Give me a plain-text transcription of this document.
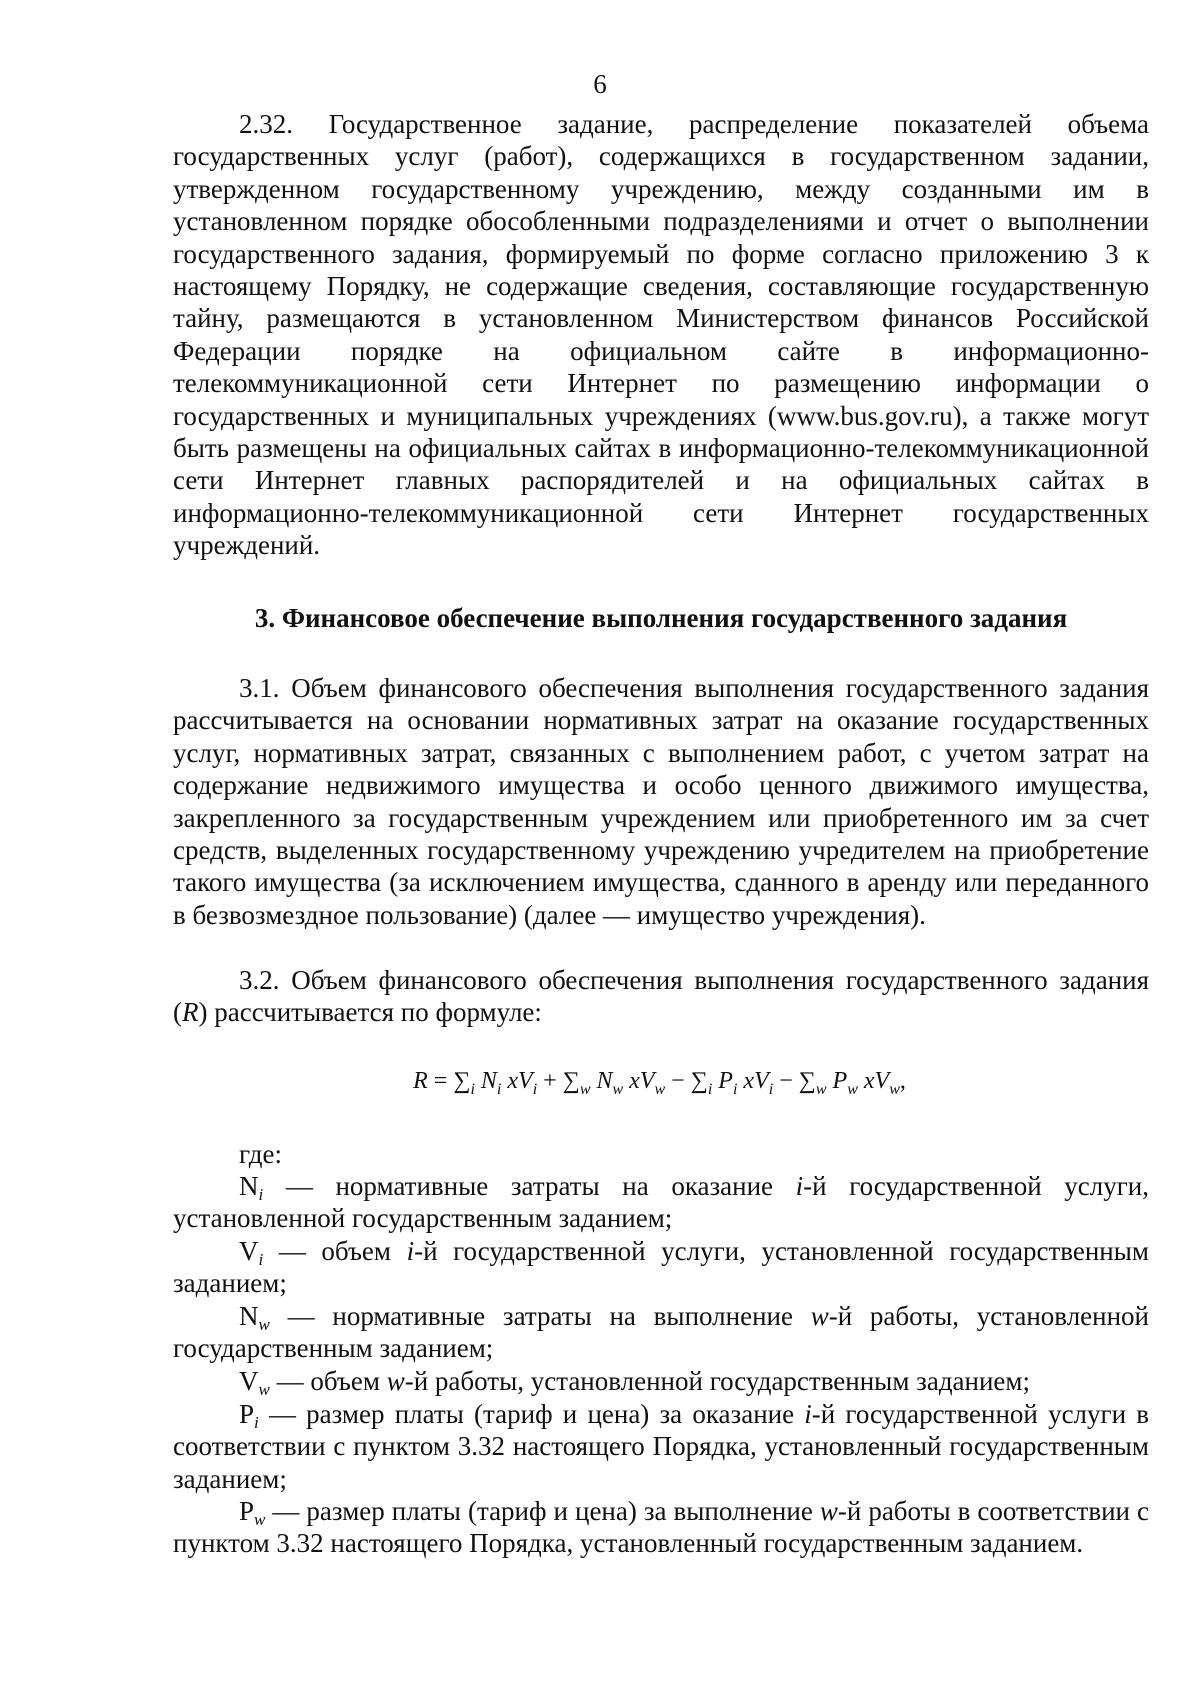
6

2.32. Государственное задание, распределение показателей объема государственных услуг (работ), содержащихся в государственном задании, утвержденном государственному учреждению, между созданными им в установленном порядке обособленными подразделениями и отчет о выполнении государственного задания, формируемый по форме согласно приложению 3 к настоящему Порядку, не содержащие сведения, составляющие государственную тайну, размещаются в установленном Министерством финансов Российской Федерации порядке на официальном сайте в информационно-телекоммуникационной сети Интернет по размещению информации о государственных и муниципальных учреждениях (www.bus.gov.ru), а также могут быть размещены на официальных сайтах в информационно-телекоммуникационной сети Интернет главных распорядителей и на официальных сайтах в информационно-телекоммуникационной сети Интернет государственных учреждений.

3. Финансовое обеспечение выполнения государственного задания

3.1. Объем финансового обеспечения выполнения государственного задания рассчитывается на основании нормативных затрат на оказание государственных услуг, нормативных затрат, связанных с выполнением работ, с учетом затрат на содержание недвижимого имущества и особо ценного движимого имущества, закрепленного за государственным учреждением или приобретенного им за счет средств, выделенных государственному учреждению учредителем на приобретение такого имущества (за исключением имущества, сданного в аренду или переданного в безвозмездное пользование) (далее — имущество учреждения).

3.2. Объем финансового обеспечения выполнения государственного задания (R) рассчитывается по формуле:

$R = \sum_i$ $N_i$ $xV_i + \sum_w$ $N_w$ $xV_w - \sum_i$ $P_i$ $xV_i - \sum_w$ $P_w$ $xV_w$,

где:

$N_i$ — нормативные затраты на оказание i-й государственной услуги, установленной государственным заданием;

$V_i$ — объем i-й государственной услуги, установленной государственным заданием;

$N_w$ — нормативные затраты на выполнение w-й работы, установленной государственным заданием;

$V_w$ — объем w-й работы, установленной государственным заданием;

$P_i$ — размер платы (тариф и цена) за оказание i-й государственной услуги в соответствии с пунктом 3.32 настоящего Порядка, установленный государственным заданием;

$P_w$ — размер платы (тариф и цена) за выполнение w-й работы в соответствии с пунктом 3.32 настоящего Порядка, установленный государственным заданием.
